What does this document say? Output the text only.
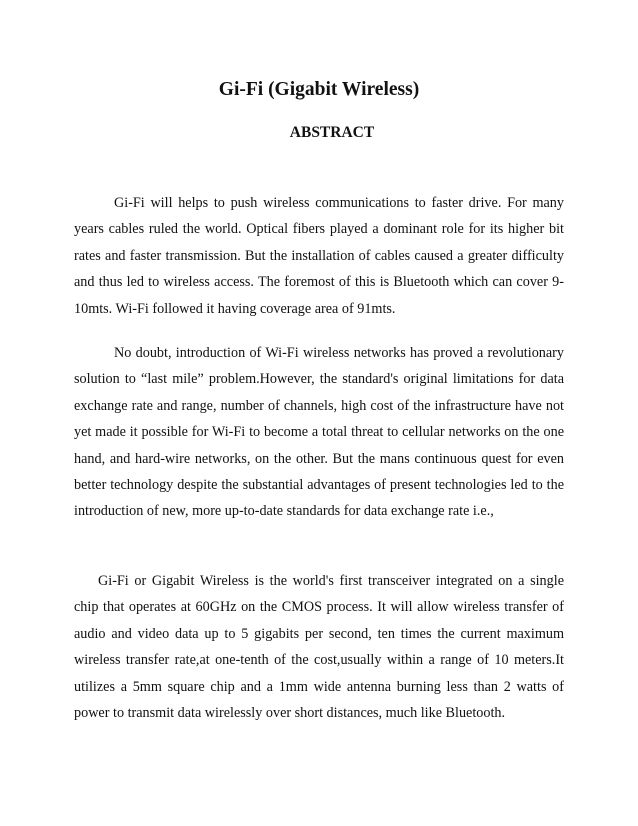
Gi-Fi (Gigabit Wireless)
ABSTRACT

Gi-Fi will helps to push wireless communications to faster drive. For many years cables ruled the world. Optical fibers played a dominant role for its higher bit rates and faster transmission. But the installation of cables caused a greater difficulty and thus led to wireless access. The foremost of this is Bluetooth which can cover 9-10mts. Wi-Fi followed it having coverage area of 91mts.

No doubt, introduction of Wi-Fi wireless networks has proved a revolutionary solution to “last mile” problem.However, the standard's original limitations for data exchange rate and range, number of channels, high cost of the infrastructure have not yet made it possible for Wi-Fi to become a total threat to cellular networks on the one hand, and hard-wire networks, on the other. But the mans continuous quest for even better technology despite the substantial advantages of present technologies led to the introduction of new, more up-to-date standards for data exchange rate i.e.,

Gi-Fi or Gigabit Wireless is the world's first transceiver integrated on a single chip that operates at 60GHz on the CMOS process. It will allow wireless transfer of audio and video data up to 5 gigabits per second, ten times the current maximum wireless transfer rate,at one-tenth of the cost,usually within a range of 10 meters.It utilizes a 5mm square chip and a 1mm wide antenna burning less than 2 watts of power to transmit data wirelessly over short distances, much like Bluetooth.
